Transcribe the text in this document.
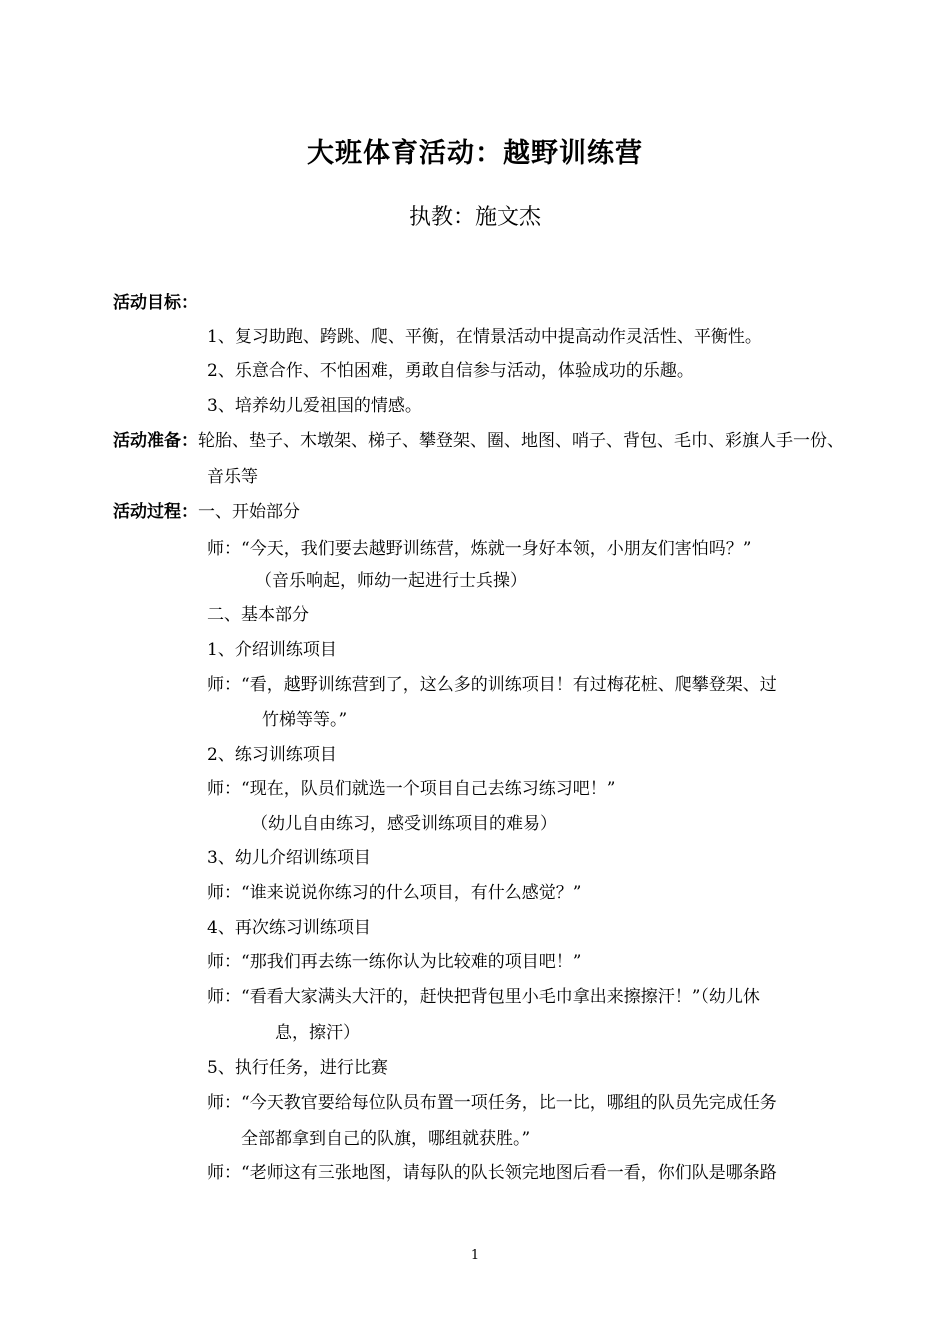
大班体育活动：越野训练营
执教：施文杰
活动目标：
1、复习助跑、跨跳、爬、平衡，在情景活动中提高动作灵活性、平衡性。
2、乐意合作、不怕困难，勇敢自信参与活动，体验成功的乐趣。
3、培养幼儿爱祖国的情感。
活动准备：轮胎、垫子、木墩架、梯子、攀登架、圈、地图、哨子、背包、毛巾、彩旗人手一份、
音乐等
活动过程：一、开始部分
师：“今天，我们要去越野训练营，炼就一身好本领，小朋友们害怕吗？”
（音乐响起，师幼一起进行士兵操）
二、基本部分
1、介绍训练项目
师：“看，越野训练营到了，这么多的训练项目！有过梅花桩、爬攀登架、过
竹梯等等。”
2、练习训练项目
师：“现在，队员们就选一个项目自己去练习练习吧！”
（幼儿自由练习，感受训练项目的难易）
3、幼儿介绍训练项目
师：“谁来说说你练习的什么项目，有什么感觉？”
4、再次练习训练项目
师：“那我们再去练一练你认为比较难的项目吧！”
师：“看看大家满头大汗的，赶快把背包里小毛巾拿出来擦擦汗！”（幼儿休
息，擦汗）
5、执行任务，进行比赛
师：“今天教官要给每位队员布置一项任务，比一比，哪组的队员先完成任务
全部都拿到自己的队旗，哪组就获胜。”
师：“老师这有三张地图，请每队的队长领完地图后看一看，你们队是哪条路
1
